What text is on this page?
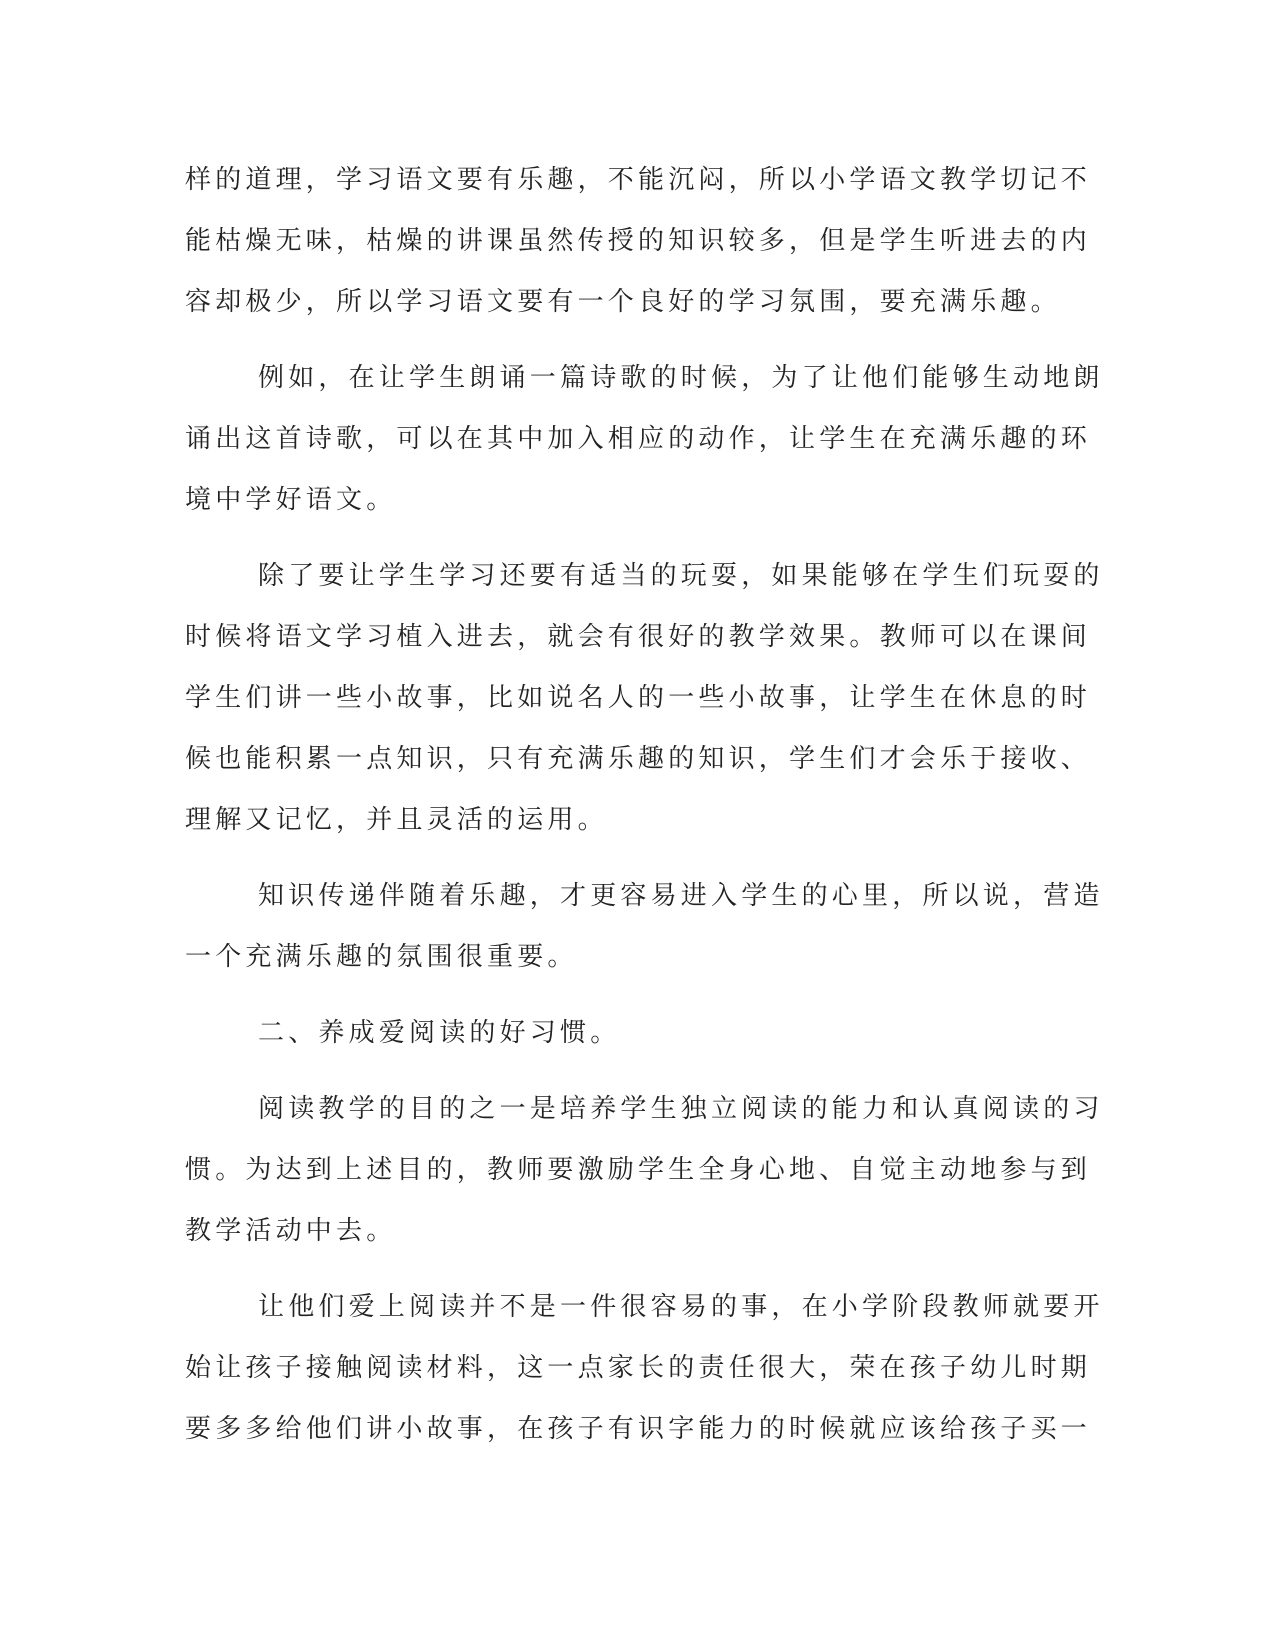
样的道理，学习语文要有乐趣，不能沉闷，所以小学语文教学切记不
能枯燥无味，枯燥的讲课虽然传授的知识较多，但是学生听进去的内
容却极少，所以学习语文要有一个良好的学习氛围，要充满乐趣。
例如，在让学生朗诵一篇诗歌的时候，为了让他们能够生动地朗
诵出这首诗歌，可以在其中加入相应的动作，让学生在充满乐趣的环
境中学好语文。
除了要让学生学习还要有适当的玩耍，如果能够在学生们玩耍的
时候将语文学习植入进去，就会有很好的教学效果。教师可以在课间
学生们讲一些小故事，比如说名人的一些小故事，让学生在休息的时
候也能积累一点知识，只有充满乐趣的知识，学生们才会乐于接收、
理解又记忆，并且灵活的运用。
知识传递伴随着乐趣，才更容易进入学生的心里，所以说，营造
一个充满乐趣的氛围很重要。
二、养成爱阅读的好习惯。
阅读教学的目的之一是培养学生独立阅读的能力和认真阅读的习
惯。为达到上述目的，教师要激励学生全身心地、自觉主动地参与到
教学活动中去。
让他们爱上阅读并不是一件很容易的事，在小学阶段教师就要开
始让孩子接触阅读材料，这一点家长的责任很大，荣在孩子幼儿时期
要多多给他们讲小故事，在孩子有识字能力的时候就应该给孩子买一
